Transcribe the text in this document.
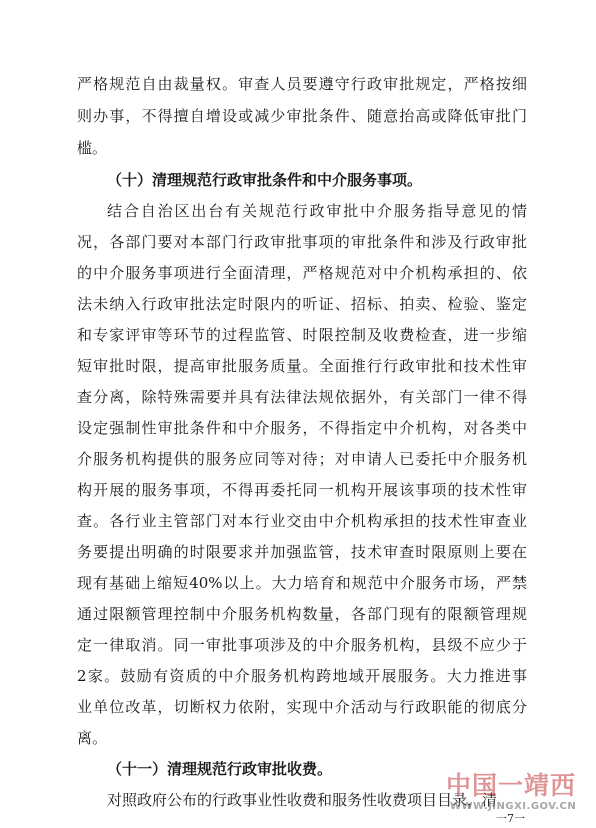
严格规范自由裁量权。审查人员要遵守行政审批规定，严格按细
则办事，不得擅自增设或减少审批条件、随意抬高或降低审批门
槛。
（十）清理规范行政审批条件和中介服务事项。
结合自治区出台有关规范行政审批中介服务指导意见的情
况，各部门要对本部门行政审批事项的审批条件和涉及行政审批
的中介服务事项进行全面清理，严格规范对中介机构承担的、依
法未纳入行政审批法定时限内的听证、招标、拍卖、检验、鉴定
和专家评审等环节的过程监管、时限控制及收费检查，进一步缩
短审批时限，提高审批服务质量。全面推行行政审批和技术性审
查分离，除特殊需要并具有法律法规依据外，有关部门一律不得
设定强制性审批条件和中介服务，不得指定中介机构，对各类中
介服务机构提供的服务应同等对待；对申请人已委托中介服务机
构开展的服务事项，不得再委托同一机构开展该事项的技术性审
查。各行业主管部门对本行业交由中介机构承担的技术性审查业
务要提出明确的时限要求并加强监管，技术审查时限原则上要在
现有基础上缩短40%以上。大力培育和规范中介服务市场，严禁
通过限额管理控制中介服务机构数量，各部门现有的限额管理规
定一律取消。同一审批事项涉及的中介服务机构，县级不应少于
2家。鼓励有资质的中介服务机构跨地域开展服务。大力推进事
业单位改革，切断权力依附，实现中介活动与行政职能的彻底分
离。
（十一）清理规范行政审批收费。
对照政府公布的行政事业性收费和服务性收费项目目录，清
中国一靖西
WWW.JINGXI.GOV.CN
一7一
